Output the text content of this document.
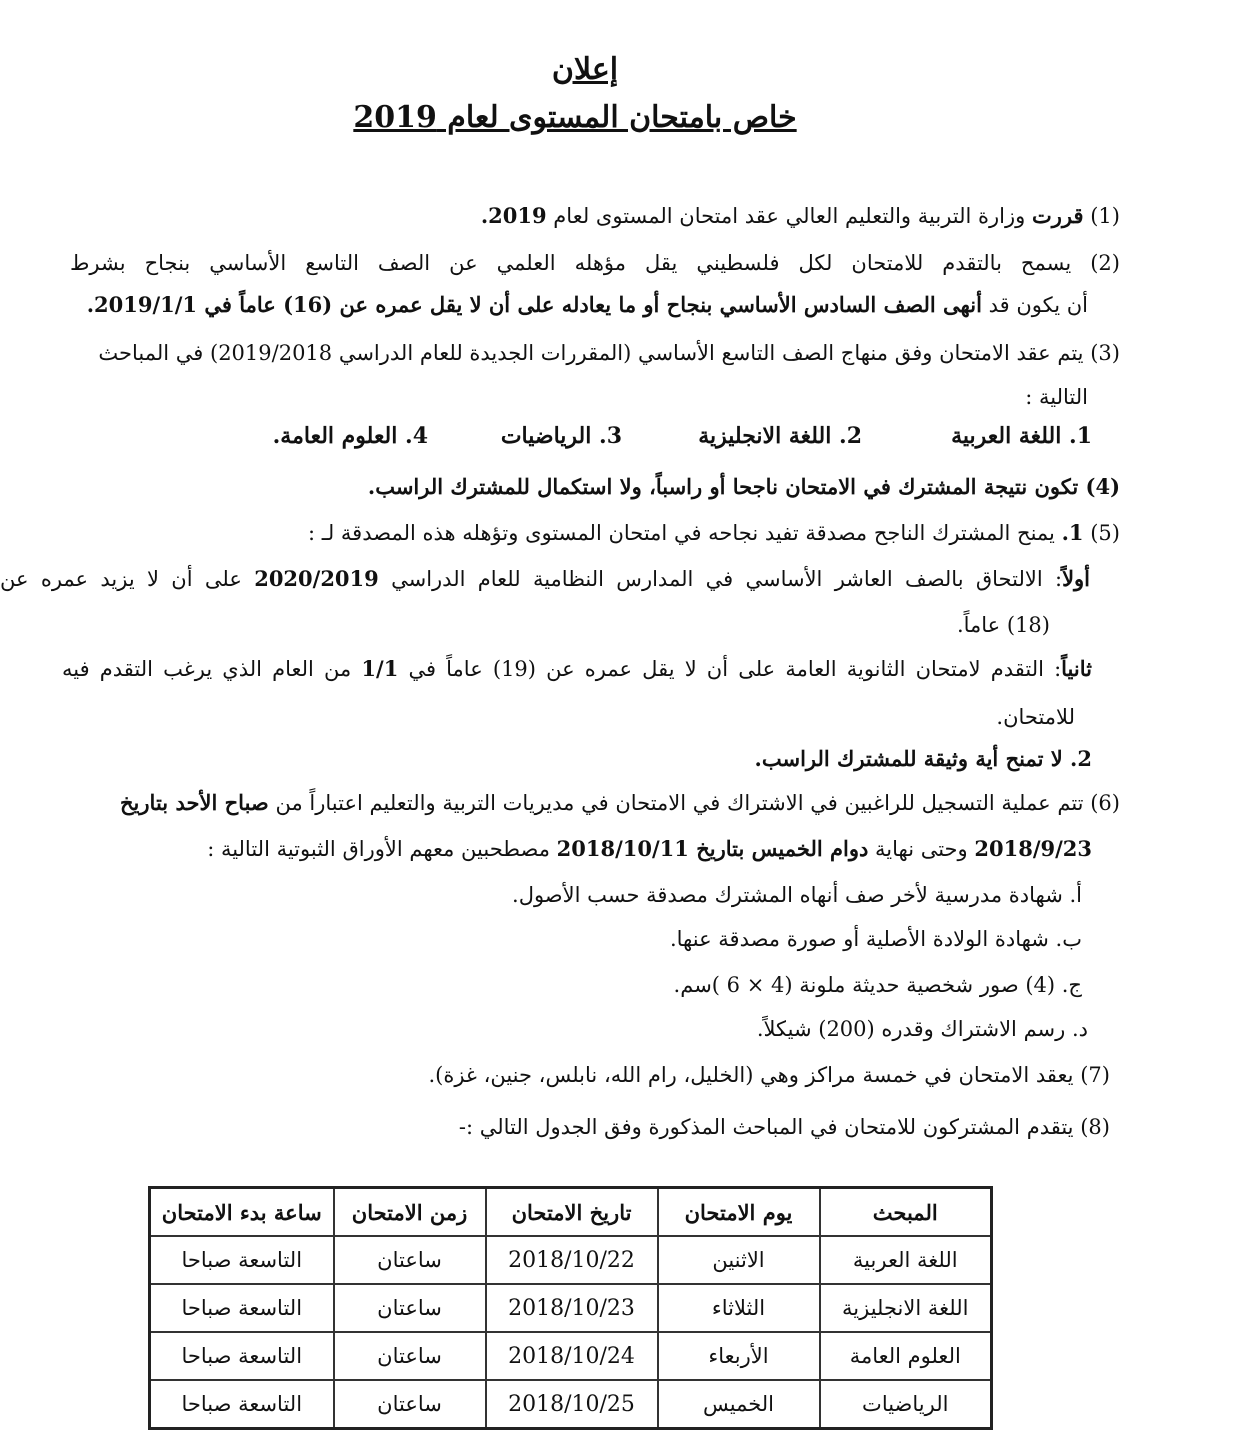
إعلان
خاص بامتحان المستوى لعام 2019
(1) قررت وزارة التربية والتعليم العالي عقد امتحان المستوى لعام 2019.
(2) يسمح بالتقدم للامتحان لكل فلسطيني يقل مؤهله العلمي عن الصف التاسع الأساسي بنجاح بشرط
أن يكون قد أنهى الصف السادس الأساسي بنجاح أو ما يعادله على أن لا يقل عمره عن (16) عاماً في 2019/1/1.
(3) يتم عقد الامتحان وفق منهاج الصف التاسع الأساسي (المقررات الجديدة للعام الدراسي 2019/2018) في المباحث
التالية :
1. اللغة العربية
2. اللغة الانجليزية
3. الرياضيات
4. العلوم العامة.
(4) تكون نتيجة المشترك في الامتحان ناجحا أو راسباً، ولا استكمال للمشترك الراسب.
(5) 1. يمنح المشترك الناجح مصدقة تفيد نجاحه في امتحان المستوى وتؤهله هذه المصدقة لـ :
أولاً: الالتحاق بالصف العاشر الأساسي في المدارس النظامية للعام الدراسي 2020/2019 على أن لا يزيد عمره عن
(18) عاماً.
ثانياً: التقدم لامتحان الثانوية العامة على أن لا يقل عمره عن (19) عاماً في 1/1 من العام الذي يرغب التقدم فيه
للامتحان.
2. لا تمنح أية وثيقة للمشترك الراسب.
(6) تتم عملية التسجيل للراغبين في الاشتراك في الامتحان في مديريات التربية والتعليم اعتباراً من صباح الأحد بتاريخ
2018/9/23 وحتى نهاية دوام الخميس بتاريخ 2018/10/11 مصطحبين معهم الأوراق الثبوتية التالية :
أ. شهادة مدرسية لأخر صف أنهاه المشترك مصدقة حسب الأصول.
ب. شهادة الولادة الأصلية أو صورة مصدقة عنها.
ج. (4) صور شخصية حديثة ملونة (4 × 6 )سم.
د. رسم الاشتراك وقدره (200) شيكلاً.
(7) يعقد الامتحان في خمسة مراكز وهي (الخليل، رام الله، نابلس، جنين، غزة).
(8) يتقدم المشتركون للامتحان في المباحث المذكورة وفق الجدول التالي :-
المبحث	يوم الامتحان	تاريخ الامتحان	زمن الامتحان	ساعة بدء الامتحان
اللغة العربية	الاثنين	2018/10/22	ساعتان	التاسعة صباحا
اللغة الانجليزية	الثلاثاء	2018/10/23	ساعتان	التاسعة صباحا
العلوم العامة	الأربعاء	2018/10/24	ساعتان	التاسعة صباحا
الرياضيات	الخميس	2018/10/25	ساعتان	التاسعة صباحا
